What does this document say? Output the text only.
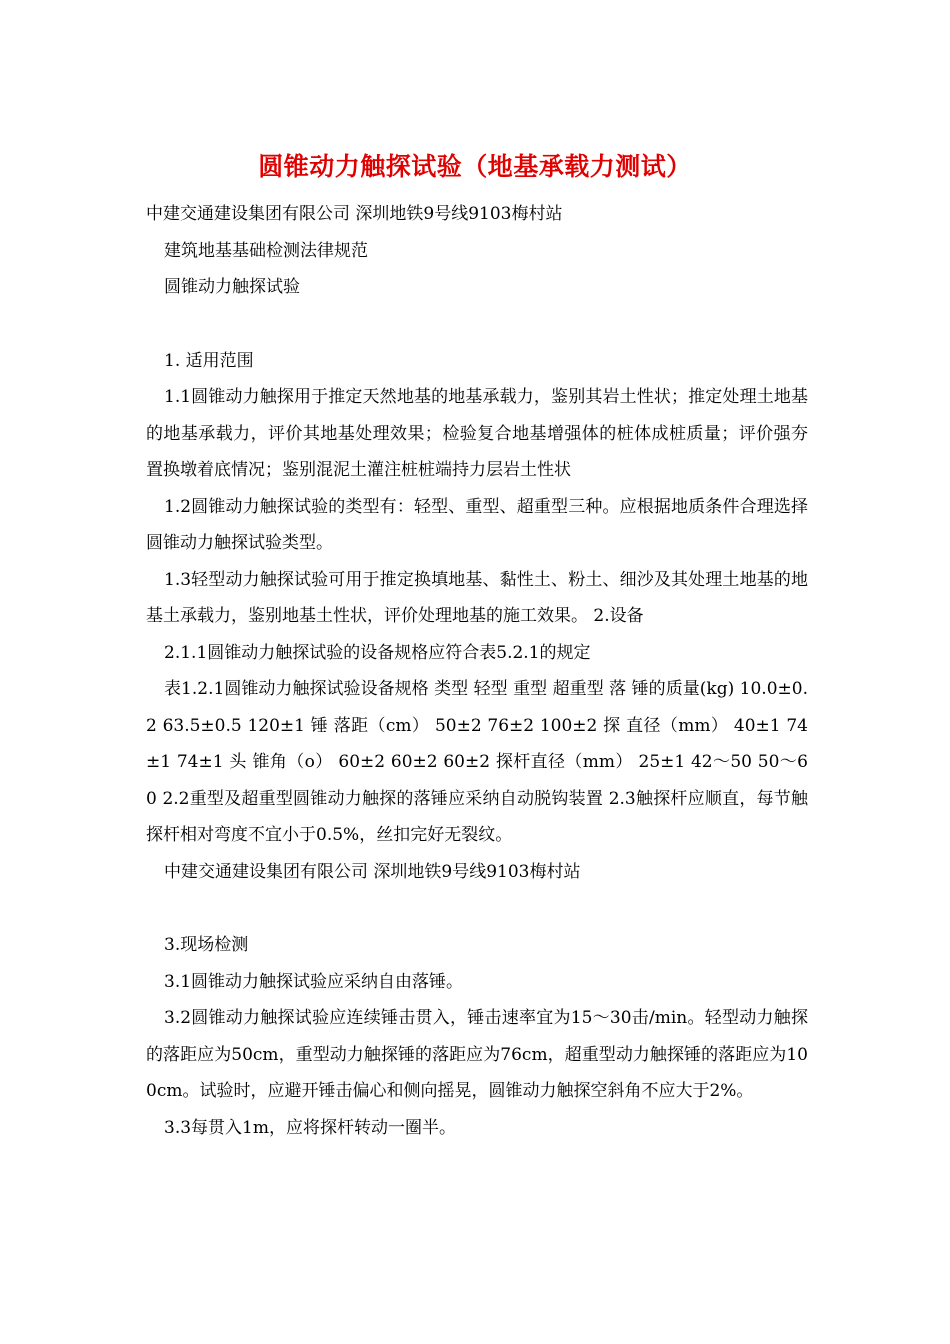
圆锥动力触探试验（地基承载力测试）

中建交通建设集团有限公司 深圳地铁9号线9103梅村站

建筑地基基础检测法律规范

圆锥动力触探试验

1. 适用范围

1.1圆锥动力触探用于推定天然地基的地基承载力，鉴别其岩土性状；推定处理土地基的地基承载力，评价其地基处理效果；检验复合地基增强体的桩体成桩质量；评价强夯置换墩着底情况；鉴别混泥土灌注桩桩端持力层岩土性状

1.2圆锥动力触探试验的类型有：轻型、重型、超重型三种。应根据地质条件合理选择圆锥动力触探试验类型。

1.3轻型动力触探试验可用于推定换填地基、黏性土、粉土、细沙及其处理土地基的地基土承载力，鉴别地基土性状，评价处理地基的施工效果。 2.设备

2.1.1圆锥动力触探试验的设备规格应符合表5.2.1的规定

表1.2.1圆锥动力触探试验设备规格 类型 轻型 重型 超重型 落 锤的质量(kg) 10.0±0.2 63.5±0.5 120±1 锤 落距（cm） 50±2 76±2 100±2 探 直径（mm） 40±1 74±1 74±1 头 锥角（o） 60±2 60±2 60±2 探杆直径（mm） 25±1 42～50 50～60 2.2重型及超重型圆锥动力触探的落锤应采纳自动脱钩装置 2.3触探杆应顺直，每节触探杆相对弯度不宜小于0.5%，丝扣完好无裂纹。

中建交通建设集团有限公司 深圳地铁9号线9103梅村站

3.现场检测

3.1圆锥动力触探试验应采纳自由落锤。

3.2圆锥动力触探试验应连续锤击贯入，锤击速率宜为15～30击/min。轻型动力触探的落距应为50cm，重型动力触探锤的落距应为76cm，超重型动力触探锤的落距应为100cm。试验时，应避开锤击偏心和侧向摇晃，圆锥动力触探空斜角不应大于2%。

3.3每贯入1m，应将探杆转动一圈半。
